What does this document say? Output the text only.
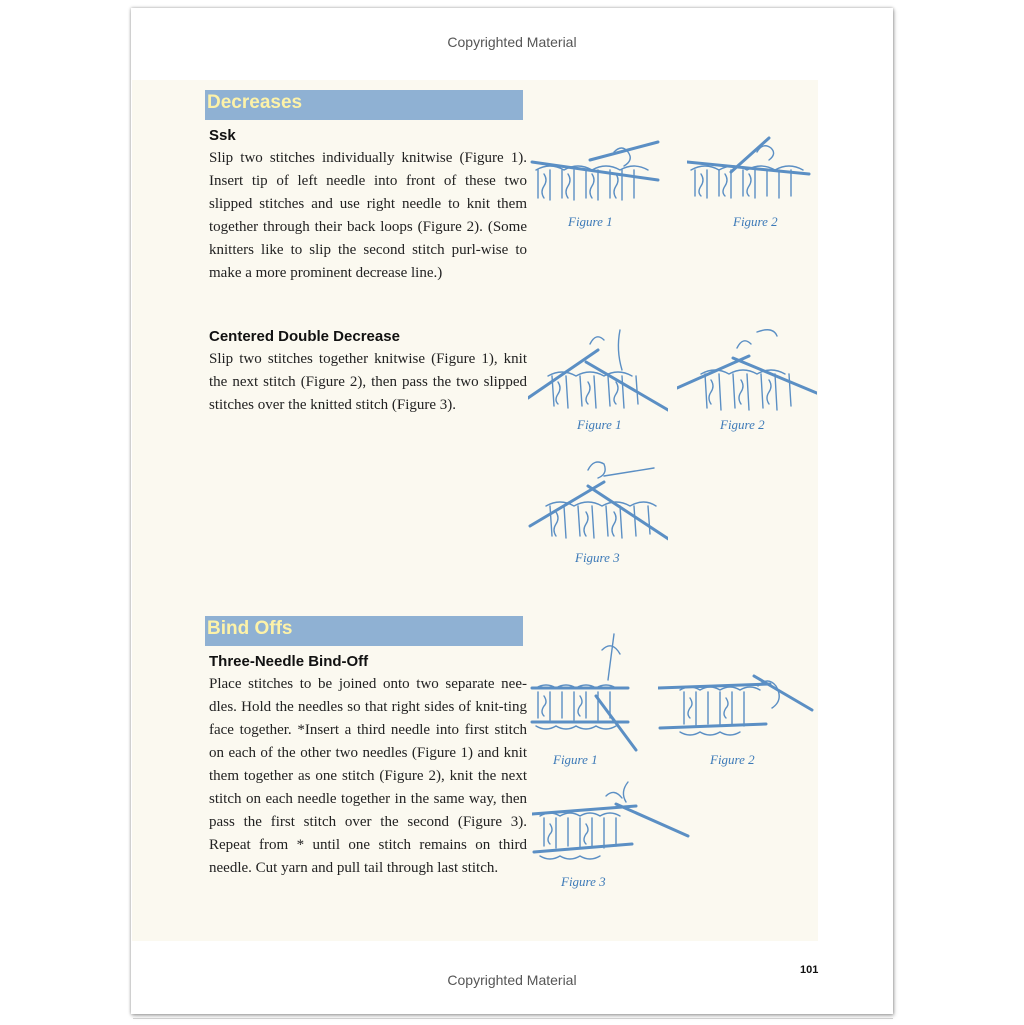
Copyrighted Material
Decreases
Ssk

Slip two stitches individually knitwise (Figure 1). Insert tip of left needle into front of these two slipped stitches and use right needle to knit them together through their back loops (Figure 2). (Some knitters like to slip the second stitch purl-wise to make a more prominent decrease line.)

Figure 1	Figure 2
Centered Double Decrease

Slip two stitches together knitwise (Figure 1), knit the next stitch (Figure 2), then pass the two slipped stitches over the knitted stitch (Figure 3).

Figure 1	Figure 2
Figure 3
Bind Offs
Three-Needle Bind-Off

Place stitches to be joined onto two separate nee-dles. Hold the needles so that right sides of knit-ting face together. *Insert a third needle into first stitch on each of the other two needles (Figure 1) and knit them together as one stitch (Figure 2), knit the next stitch on each needle together in the same way, then pass the first stitch over the second (Figure 3). Repeat from * until one stitch remains on third needle. Cut yarn and pull tail through last stitch.

Figure 1	Figure 2
Figure 3
101
Copyrighted Material
